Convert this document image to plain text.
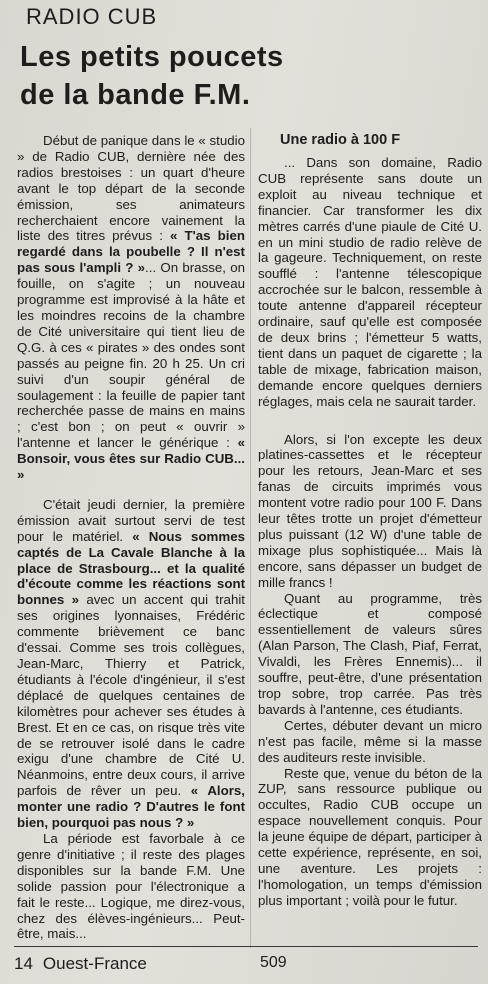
RADIO CUB
Les petits poucets
de la bande F.M.

Début de panique dans le « studio » de Radio CUB, dernière née des radios brestoises : un quart d'heure avant le top départ de la seconde émission, ses animateurs recherchaient encore vainement la liste des titres prévus : « T'as bien regardé dans la poubelle ? Il n'est pas sous l'ampli ? »... On brasse, on fouille, on s'agite ; un nouveau programme est improvisé à la hâte et les moindres recoins de la chambre de Cité universitaire qui tient lieu de Q.G. à ces « pirates » des ondes sont passés au peigne fin. 20 h 25. Un cri suivi d'un soupir général de soulagement : la feuille de papier tant recherchée passe de mains en mains ; c'est bon ; on peut « ouvrir » l'antenne et lancer le générique : « Bonsoir, vous êtes sur Radio CUB... »

C'était jeudi dernier, la première émission avait surtout servi de test pour le matériel. « Nous sommes captés de La Cavale Blanche à la place de Strasbourg... et la qualité d'écoute comme les réactions sont bonnes » avec un accent qui trahit ses origines lyonnaises, Frédéric commente brièvement ce banc d'essai. Comme ses trois collègues, Jean-Marc, Thierry et Patrick, étudiants à l'école d'ingénieur, il s'est déplacé de quelques centaines de kilomètres pour achever ses études à Brest. Et en ce cas, on risque très vite de se retrouver isolé dans le cadre exigu d'une chambre de Cité U. Néanmoins, entre deux cours, il arrive parfois de rêver un peu. « Alors, monter une radio ? D'autres le font bien, pourquoi pas nous ? »

La période est favorbale à ce genre d'initiative ; il reste des plages disponibles sur la bande F.M. Une solide passion pour l'électronique a fait le reste... Logique, me direz-vous, chez des élèves-ingénieurs... Peut-être, mais...

Une radio à 100 F

... Dans son domaine, Radio CUB représente sans doute un exploit au niveau technique et financier. Car transformer les dix mètres carrés d'une piaule de Cité U. en un mini studio de radio relève de la gageure. Techniquement, on reste soufflé : l'antenne télescopique accrochée sur le balcon, ressemble à toute antenne d'appareil récepteur ordinaire, sauf qu'elle est composée de deux brins ; l'émetteur 5 watts, tient dans un paquet de cigarette ; la table de mixage, fabrication maison, demande encore quelques derniers réglages, mais cela ne saurait tarder.

Alors, si l'on excepte les deux platines-cassettes et le récepteur pour les retours, Jean-Marc et ses fanas de circuits imprimés vous montent votre radio pour 100 F. Dans leur têtes trotte un projet d'émetteur plus puissant (12 W) d'une table de mixage plus sophistiquée... Mais là encore, sans dépasser un budget de mille francs !

Quant au programme, très éclectique et composé essentiellement de valeurs sûres (Alan Parson, The Clash, Piaf, Ferrat, Vivaldi, les Frères Ennemis)... il souffre, peut-être, d'une présentation trop sobre, trop carrée. Pas très bavards à l'antenne, ces étudiants.

Certes, débuter devant un micro n'est pas facile, même si la masse des auditeurs reste invisible.

Reste que, venue du béton de la ZUP, sans ressource publique ou occultes, Radio CUB occupe un espace nouvellement conquis. Pour la jeune équipe de départ, participer à cette expérience, représente, en soi, une aventure. Les projets : l'homologation, un temps d'émission plus important ; voilà pour le futur.

14 Ouest-France	509
